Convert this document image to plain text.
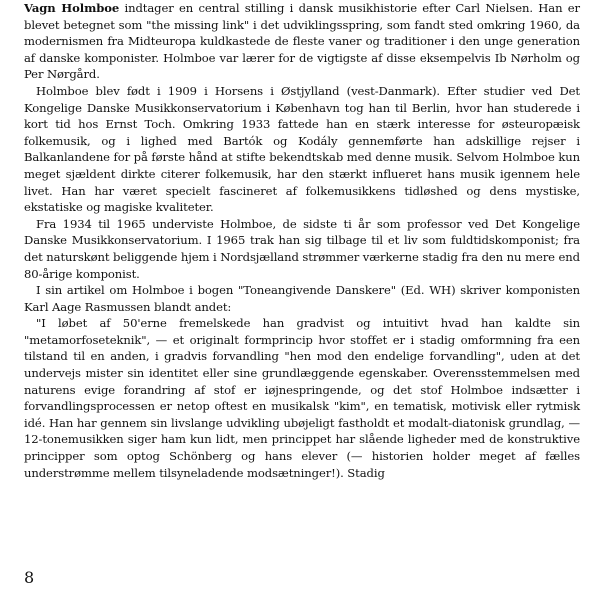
Vagn Holmboe indtager en central stilling i dansk musikhistorie efter Carl Nielsen. Han er blevet betegnet som "the missing link" i det udviklingsspring, som fandt sted omkring 1960, da modernismen fra Midteuropa kuldkastede de fleste vaner og traditioner i den unge generation af danske komponister. Holmboe var lærer for de vigtigste af disse eksempelvis Ib Nørholm og Per Nørgård.

Holmboe blev født i 1909 i Horsens i Østjylland (vest-Danmark). Efter studier ved Det Kongelige Danske Musikkonservatorium i København tog han til Berlin, hvor han studerede i kort tid hos Ernst Toch. Omkring 1933 fattede han en stærk interesse for østeuropæisk folkemusik, og i lighed med Bartók og Kodály gennemførte han adskillige rejser i Balkanlandene for på første hånd at stifte bekendtskab med denne musik. Selvom Holmboe kun meget sjældent dirkte citerer folkemusik, har den stærkt influeret hans musik igennem hele livet. Han har været specielt fascineret af folkemusikkens tidløshed og dens mystiske, ekstatiske og magiske kvaliteter.

Fra 1934 til 1965 underviste Holmboe, de sidste ti år som professor ved Det Kongelige Danske Musikkonservatorium. I 1965 trak han sig tilbage til et liv som fuldtidskomponist; fra det naturskønt beliggende hjem i Nordsjælland strømmer værkerne stadig fra den nu mere end 80-årige komponist.

I sin artikel om Holmboe i bogen "Toneangivende Danskere" (Ed. WH) skriver komponisten Karl Aage Rasmussen blandt andet:

"I løbet af 50'erne fremelskede han gradvist og intuitivt hvad han kaldte sin "metamorfoseteknik", — et originalt formprincip hvor stoffet er i stadig omformning fra een tilstand til en anden, i gradvis forvandling "hen mod den endelige forvandling", uden at det undervejs mister sin identitet eller sine grundlæggende egenskaber. Overensstemmelsen med naturens evige forandring af stof er iøjnespringende, og det stof Holmboe indsætter i forvandlingsprocessen er netop oftest en musikalsk "kim", en tematisk, motivisk eller rytmisk idé. Han har gennem sin livslange udvikling ubøjeligt fastholdt et modalt-diatonisk grundlag, — 12-tonemusikken siger ham kun lidt, men princippet har slående ligheder med de konstruktive principper som optog Schönberg og hans elever (— historien holder meget af fælles understrømme mellem tilsyneladende modsætninger!). Stadig

8
